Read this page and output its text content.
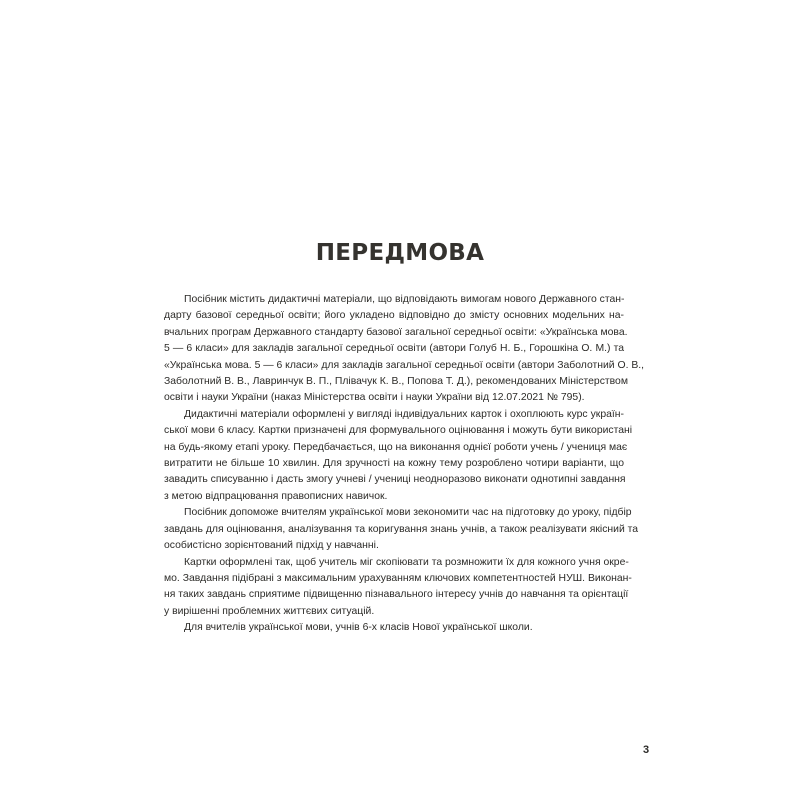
ПЕРЕДМОВА
Посібник містить дидактичні матеріали, що відповідають вимогам нового Державного стан-
дарту базової середньої освіти; його укладено відповідно до змісту основних модельних на-
вчальних програм Державного стандарту базової загальної середньої освіти: «Українська мова.
5 — 6 класи» для закладів загальної середньої освіти (автори Голуб Н. Б., Горошкіна О. М.) та
«Українська мова. 5 — 6 класи» для закладів загальної середньої освіти (автори Заболотний О. В.,
Заболотний В. В., Лавринчук В. П., Плівачук К. В., Попова Т. Д.), рекомендованих Міністерством
освіти і науки України (наказ Міністерства освіти і науки України від 12.07.2021 № 795).
Дидактичні матеріали оформлені у вигляді індивідуальних карток і охоплюють курс україн-
ської мови 6 класу. Картки призначені для формувального оцінювання і можуть бути використані
на будь-якому етапі уроку. Передбачається, що на виконання однієї роботи учень / учениця має
витратити не більше 10 хвилин. Для зручності на кожну тему розроблено чотири варіанти, що
завадить списуванню і дасть змогу учневі / учениці неодноразово виконати однотипні завдання
з метою відпрацювання правописних навичок.
Посібник допоможе вчителям української мови зекономити час на підготовку до уроку, підбір
завдань для оцінювання, аналізування та коригування знань учнів, а також реалізувати якісний та
особистісно зорієнтований підхід у навчанні.
Картки оформлені так, щоб учитель міг скопіювати та розмножити їх для кожного учня окре-
мо. Завдання підібрані з максимальним урахуванням ключових компетентностей НУШ. Виконан-
ня таких завдань сприятиме підвищенню пізнавального інтересу учнів до навчання та орієнтації
у вирішенні проблемних життєвих ситуацій.
Для вчителів української мови, учнів 6-х класів Нової української школи.
3
